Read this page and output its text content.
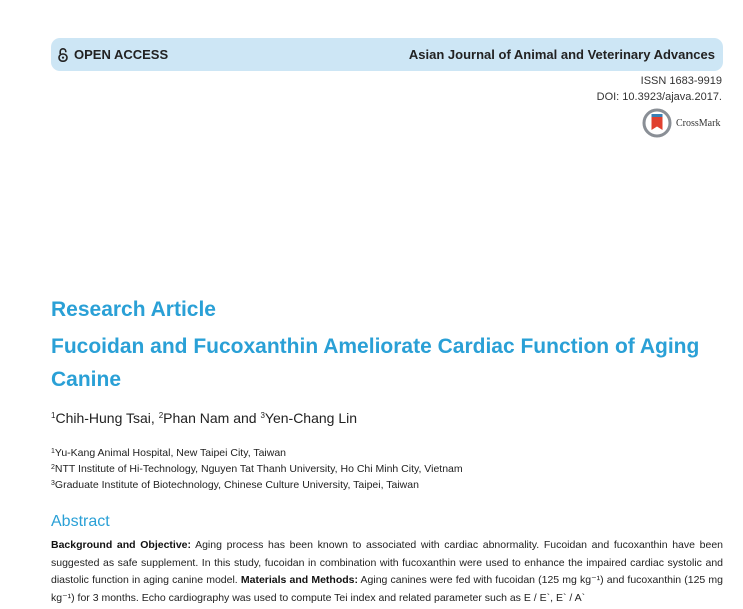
OPEN ACCESS	Asian Journal of Animal and Veterinary Advances
ISSN 1683-9919
DOI: 10.3923/ajava.2017.
CrossMark
Research Article
Fucoidan and Fucoxanthin Ameliorate Cardiac Function of Aging Canine
$^1$Chih-Hung Tsai, $^2$Phan Nam and $^3$Yen-Chang Lin
$^1$Yu-Kang Animal Hospital, New Taipei City, Taiwan
$^2$NTT Institute of Hi-Technology, Nguyen Tat Thanh University, Ho Chi Minh City, Vietnam
$^3$Graduate Institute of Biotechnology, Chinese Culture University, Taipei, Taiwan
Abstract
Background and Objective: Aging process has been known to associated with cardiac abnormality. Fucoidan and fucoxanthin have been suggested as safe supplement. In this study, fucoidan in combination with fucoxanthin were used to enhance the impaired cardiac systolic and diastolic function in aging canine model. Materials and Methods: Aging canines were fed with fucoidan (125 mg kg⁻¹) and fucoxanthin (125 mg kg⁻¹) for 3 months. Echo cardiography was used to compute Tei index and related parameter such as E / E`, E` / A`
